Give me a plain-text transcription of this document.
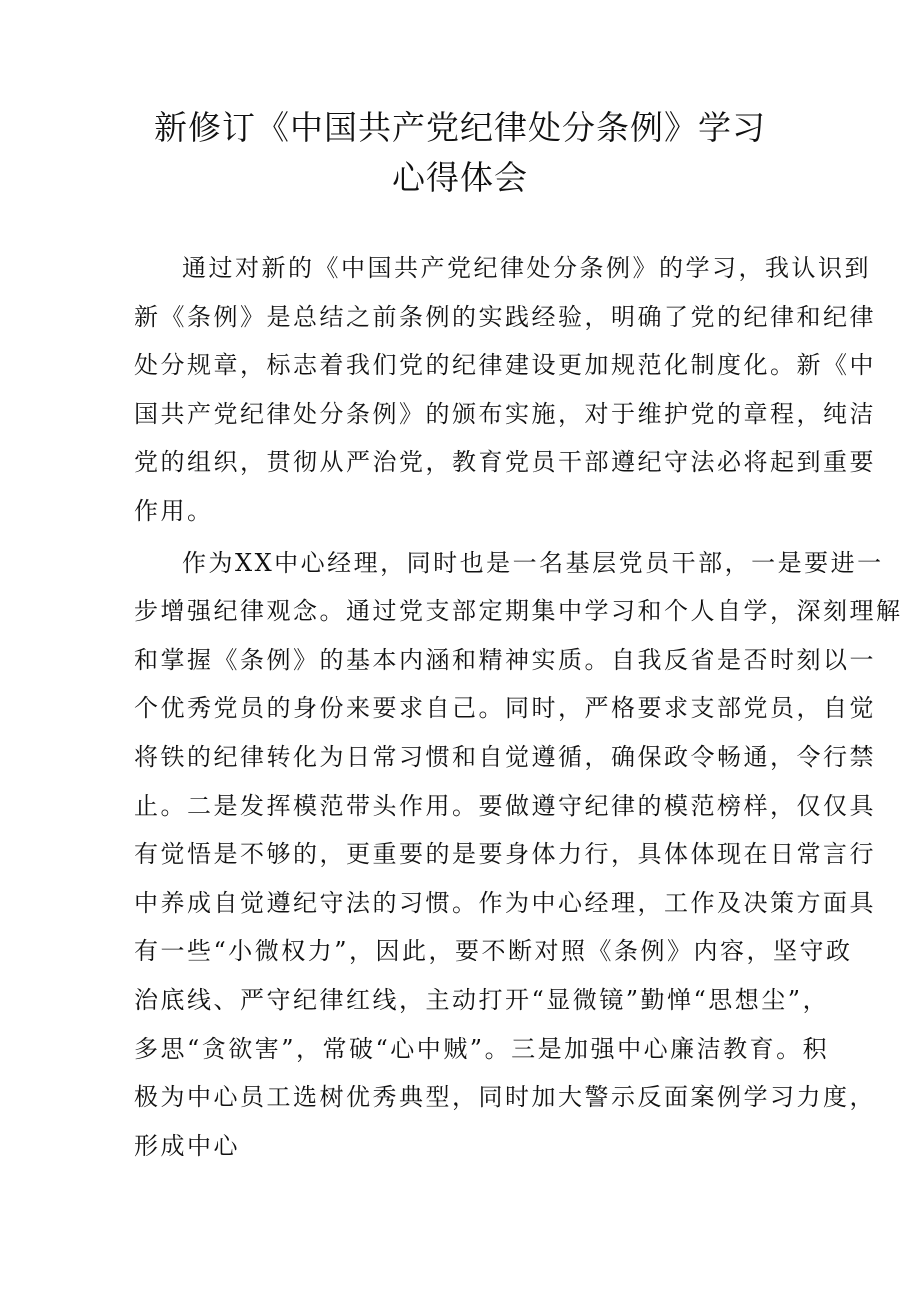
新修订《中国共产党纪律处分条例》学习
心得体会

通过对新的《中国共产党纪律处分条例》的学习，我认识到
新《条例》是总结之前条例的实践经验，明确了党的纪律和纪律
处分规章，标志着我们党的纪律建设更加规范化制度化。新《中
国共产党纪律处分条例》的颁布实施，对于维护党的章程，纯洁
党的组织，贯彻从严治党，教育党员干部遵纪守法必将起到重要
作用。

作为XX中心经理，同时也是一名基层党员干部，一是要进一
步增强纪律观念。通过党支部定期集中学习和个人自学，深刻理解
和掌握《条例》的基本内涵和精神实质。自我反省是否时刻以一
个优秀党员的身份来要求自己。同时，严格要求支部党员，自觉
将铁的纪律转化为日常习惯和自觉遵循，确保政令畅通，令行禁
止。二是发挥模范带头作用。要做遵守纪律的模范榜样，仅仅具
有觉悟是不够的，更重要的是要身体力行，具体体现在日常言行
中养成自觉遵纪守法的习惯。作为中心经理，工作及决策方面具
有一些“小微权力”，因此，要不断对照《条例》内容，坚守政
治底线、严守纪律红线，主动打开“显微镜”勤惮“思想尘”，
多思“贪欲害”，常破“心中贼”。三是加强中心廉洁教育。积
极为中心员工选树优秀典型，同时加大警示反面案例学习力度，
形成中心
